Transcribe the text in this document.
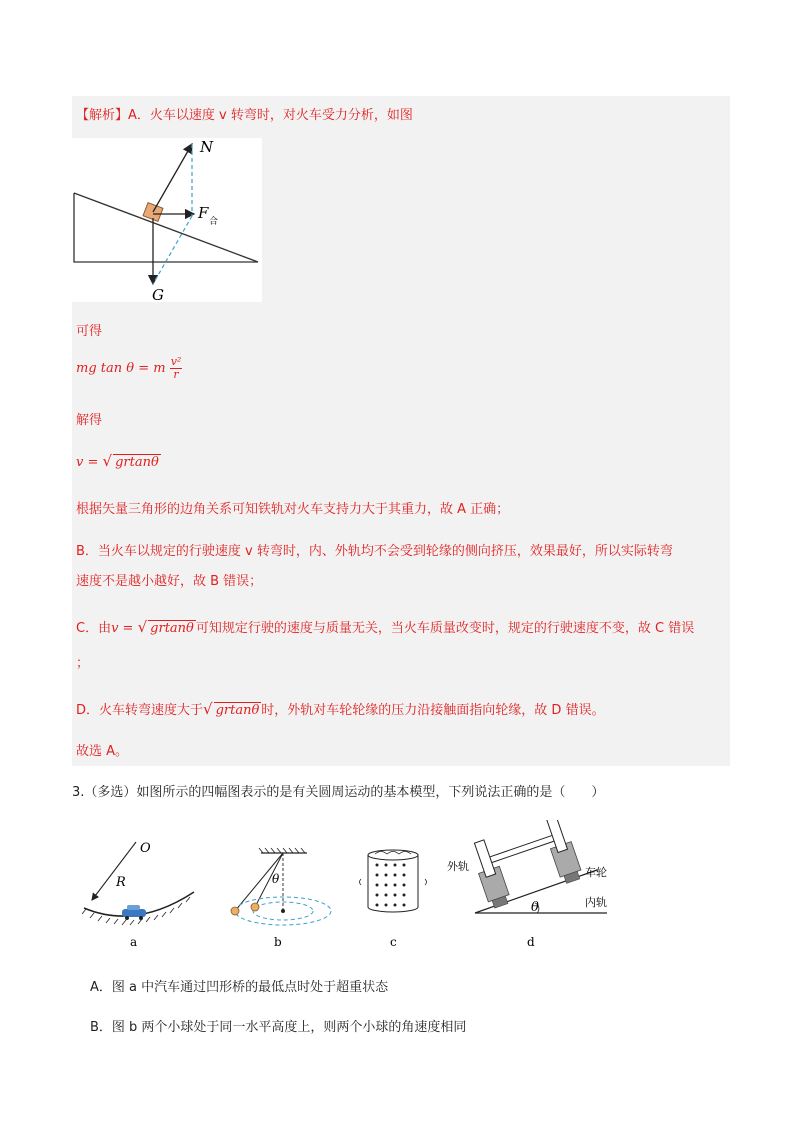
【解析】A．火车以速度 v 转弯时，对火车受力分析，如图
N
F 合
G
可得
mg tan θ = m $\frac{\text{v²}}{r}$
解得
v = √ grtanθ
根据矢量三角形的边角关系可知铁轨对火车支持力大于其重力，故 A 正确；
B．当火车以规定的行驶速度 v 转弯时，内、外轨均不会受到轮缘的侧向挤压，效果最好，所以实际转弯
速度不是越小越好，故 B 错误；
C．由v = √ grtanθ 可知规定行驶的速度与质量无关，当火车质量改变时，规定的行驶速度不变，故 C 错误
；
D．火车转弯速度大于√ grtanθ 时，外轨对车轮轮缘的压力沿接触面指向轮缘，故 D 错误。
故选 A。
3.（多选）如图所示的四幅图表示的是有关圆周运动的基本模型，下列说法正确的是（　　）
O
R
a
θ
b	c
θ
外轨	车轮
内轨
d
A．图 a 中汽车通过凹形桥的最低点时处于超重状态
B．图 b 两个小球处于同一水平高度上，则两个小球的角速度相同
